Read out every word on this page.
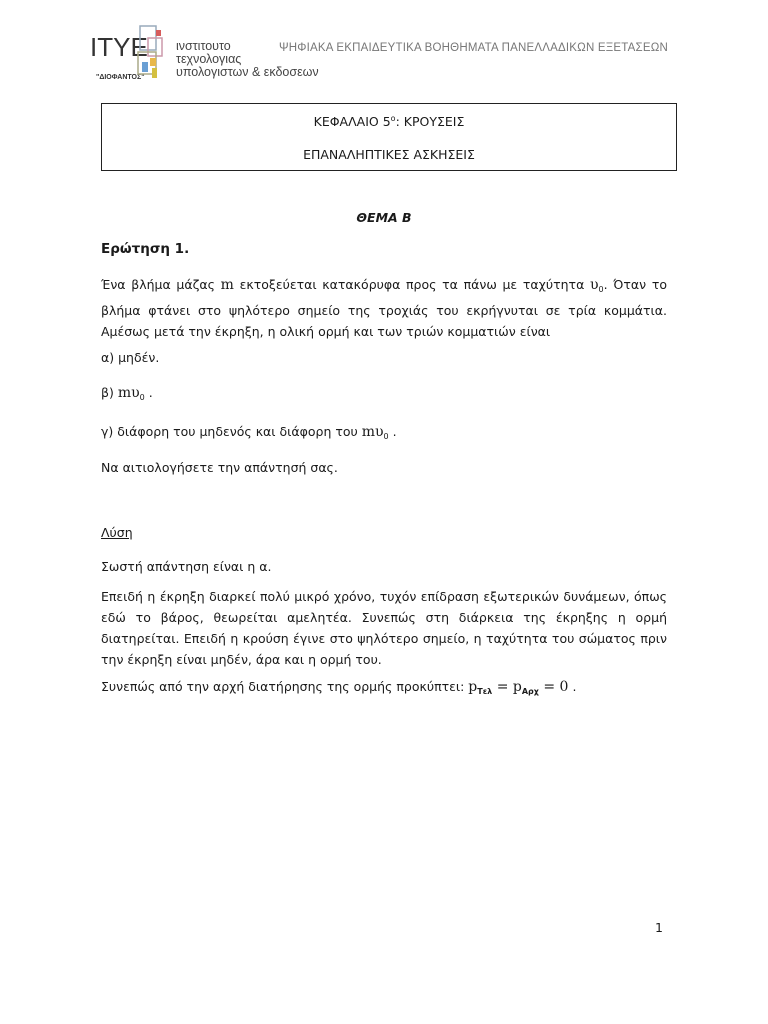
ΙΤΥΕ
"ΔΙΟΦΑΝΤΟΣ"
ινστιτουτο
τεχνολογιας
υπολογιστων & εκδοσεων
ΨΗΦΙΑΚΑ ΕΚΠΑΙΔΕΥΤΙΚΑ ΒΟΗΘΗΜΑΤΑ ΠΑΝΕΛΛΑΔΙΚΩΝ ΕΞΕΤΑΣΕΩΝ
ΚΕΦΑΛΑΙΟ $5^o$: ΚΡΟΥΣΕΙΣ
ΕΠΑΝΑΛΗΠΤΙΚΕΣ ΑΣΚΗΣΕΙΣ
ΘΕΜΑ Β
Ερώτηση 1.
Ένα βλήμα μάζας m εκτοξεύεται κατακόρυφα προς τα πάνω με ταχύτητα $\upsilon_0$. Όταν το βλήμα φτάνει στο ψηλότερο σημείο της τροχιάς του εκρήγνυται σε τρία κομμάτια. Αμέσως μετά την έκρηξη, η ολική ορμή και των τριών κομματιών είναι
α) μηδέν.
β) $m\upsilon_0$ .
γ) διάφορη του μηδενός και διάφορη του $m\upsilon_0$ .
Να αιτιολογήσετε την απάντησή σας.
Λύση
Σωστή απάντηση είναι η α.
Επειδή η έκρηξη διαρκεί πολύ μικρό χρόνο, τυχόν επίδραση εξωτερικών δυνάμεων, όπως εδώ το βάρος, θεωρείται αμελητέα. Συνεπώς στη διάρκεια της έκρηξης η ορμή διατηρείται. Επειδή η κρούση έγινε στο ψηλότερο σημείο, η ταχύτητα του σώματος πριν την έκρηξη είναι μηδέν, άρα και η ορμή του.
Συνεπώς από την αρχή διατήρησης της ορμής προκύπτει: $p_{T\varepsilon\lambda} = p_{A\rho\chi} = 0$ .
1
